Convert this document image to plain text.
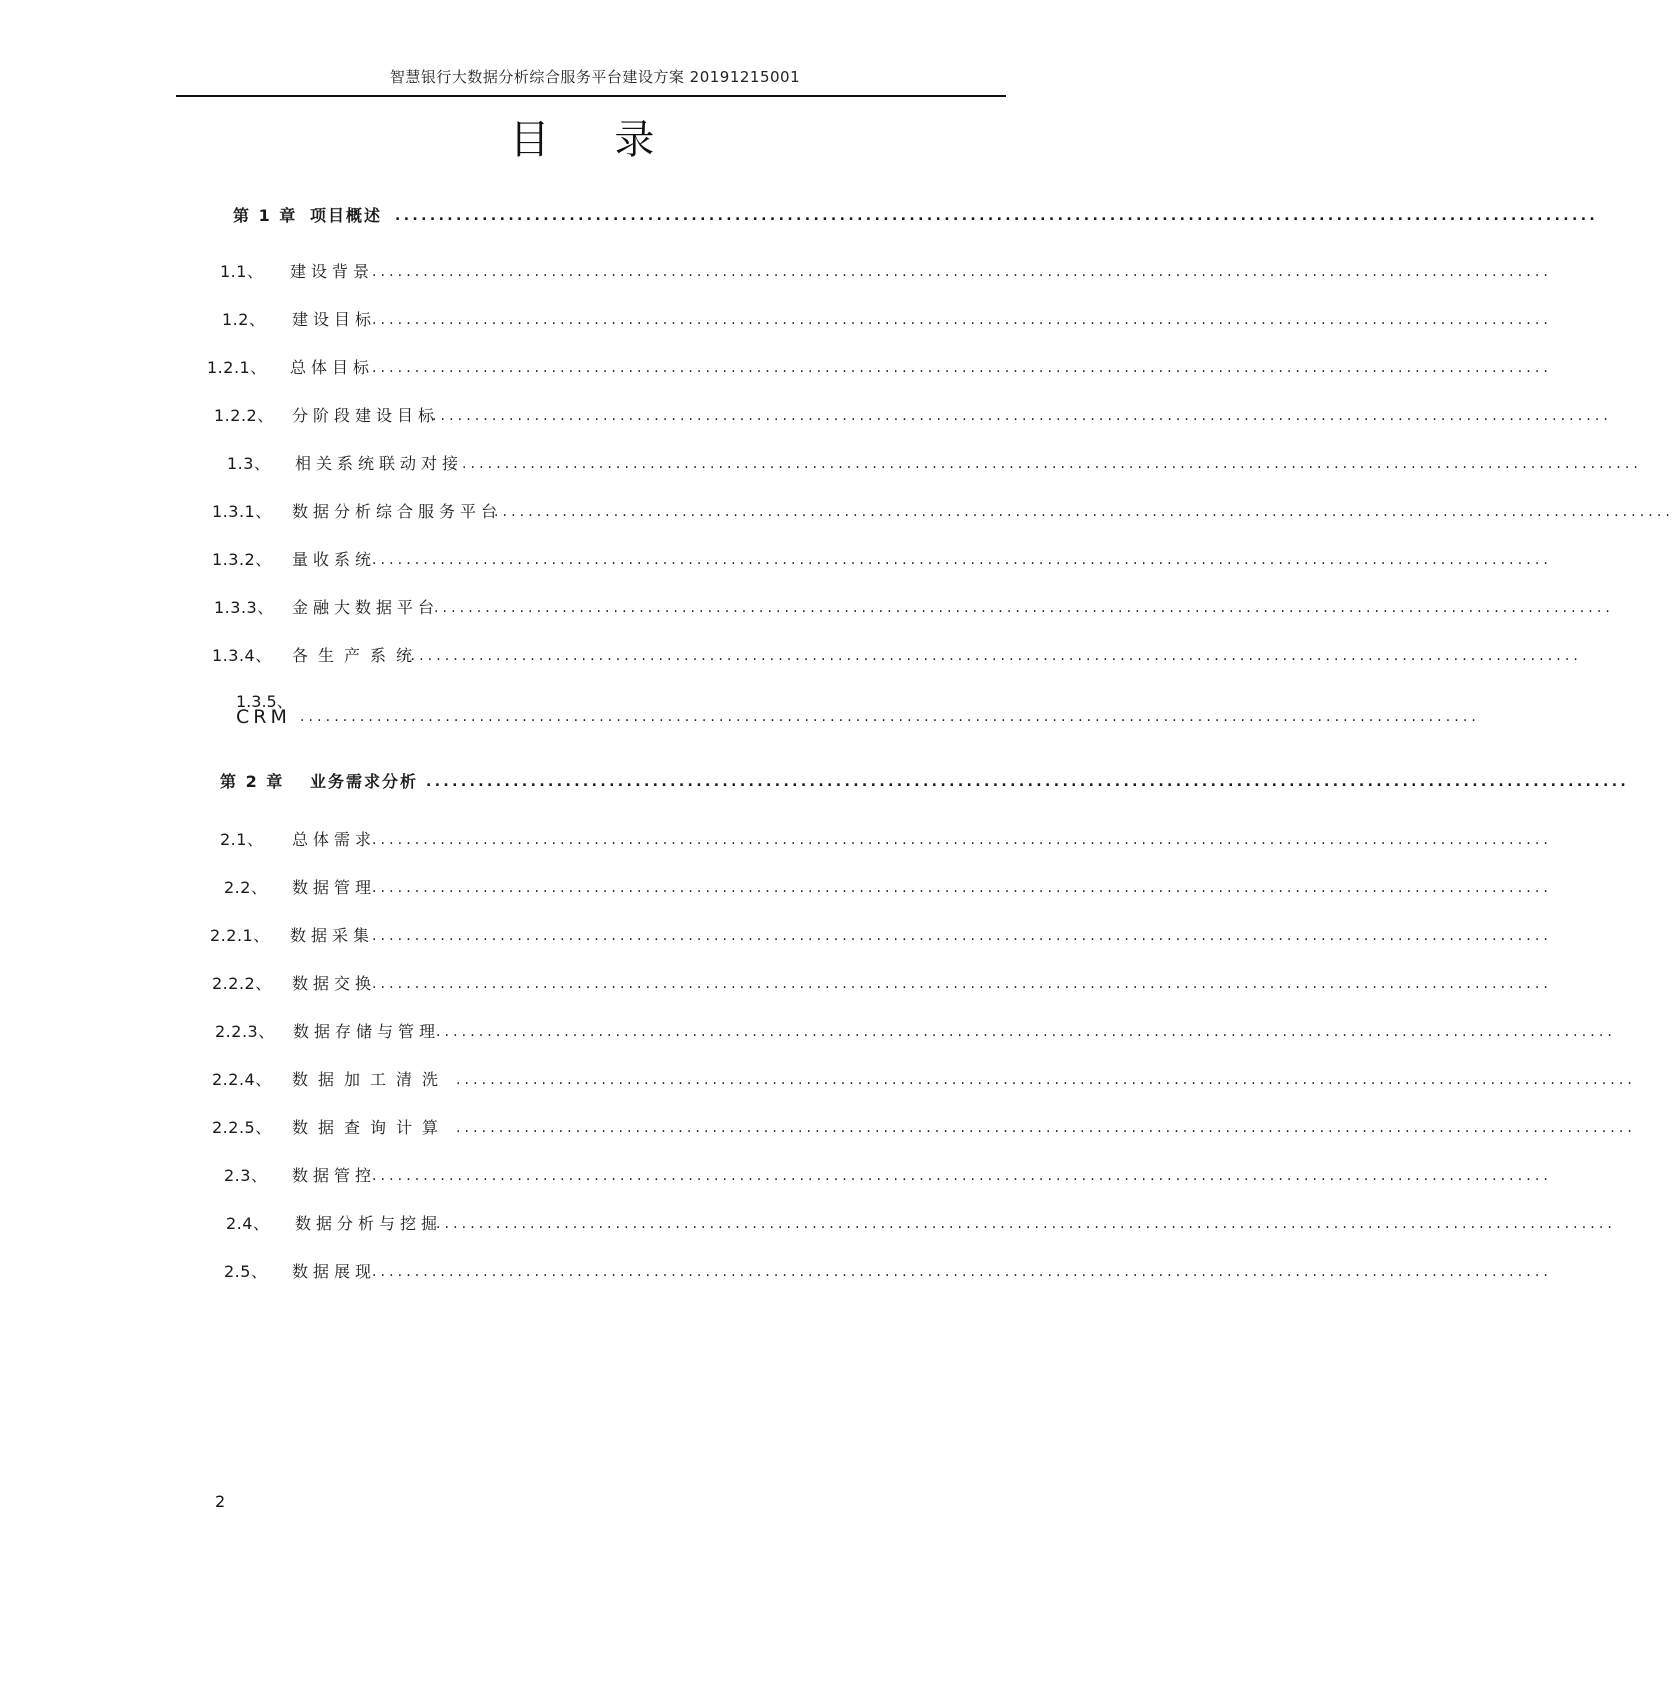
智慧银行大数据分析综合服务平台建设方案 20191215001
目 录
第 1 章 项目概述 ..........................................................................................................................................
1.1、 建设背景
..........................................................................................................................................
1.2、 建设目标
..........................................................................................................................................
1.2.1、 总体目标
..........................................................................................................................................
1.2.2、 分阶段建设目标
..........................................................................................................................................
1.3、 相关系统联动对接
..........................................................................................................................................
1.3.1、 数据分析综合服务平台
..........................................................................................................................................
1.3.2、 量收系统
..........................................................................................................................................
1.3.3、 金融大数据平台
..........................................................................................................................................
1.3.4、 各生产系统
..........................................................................................................................................
1.3.5、
CRM ..........................................................................................................................................
第 2 章 业务需求分析 ..........................................................................................................................................
2.1、 总体需求
..........................................................................................................................................
2.2、 数据管理
..........................................................................................................................................
2.2.1、 数据采集
..........................................................................................................................................
2.2.2、 数据交换
..........................................................................................................................................
2.2.3、 数据存储与管理
..........................................................................................................................................
2.2.4、 数据加工清洗 ..........................................................................................................................................
2.2.5、 数据查询计算 ..........................................................................................................................................
2.3、 数据管控
..........................................................................................................................................
2.4、 数据分析与挖掘
..........................................................................................................................................
2.5、 数据展现
..........................................................................................................................................
2
